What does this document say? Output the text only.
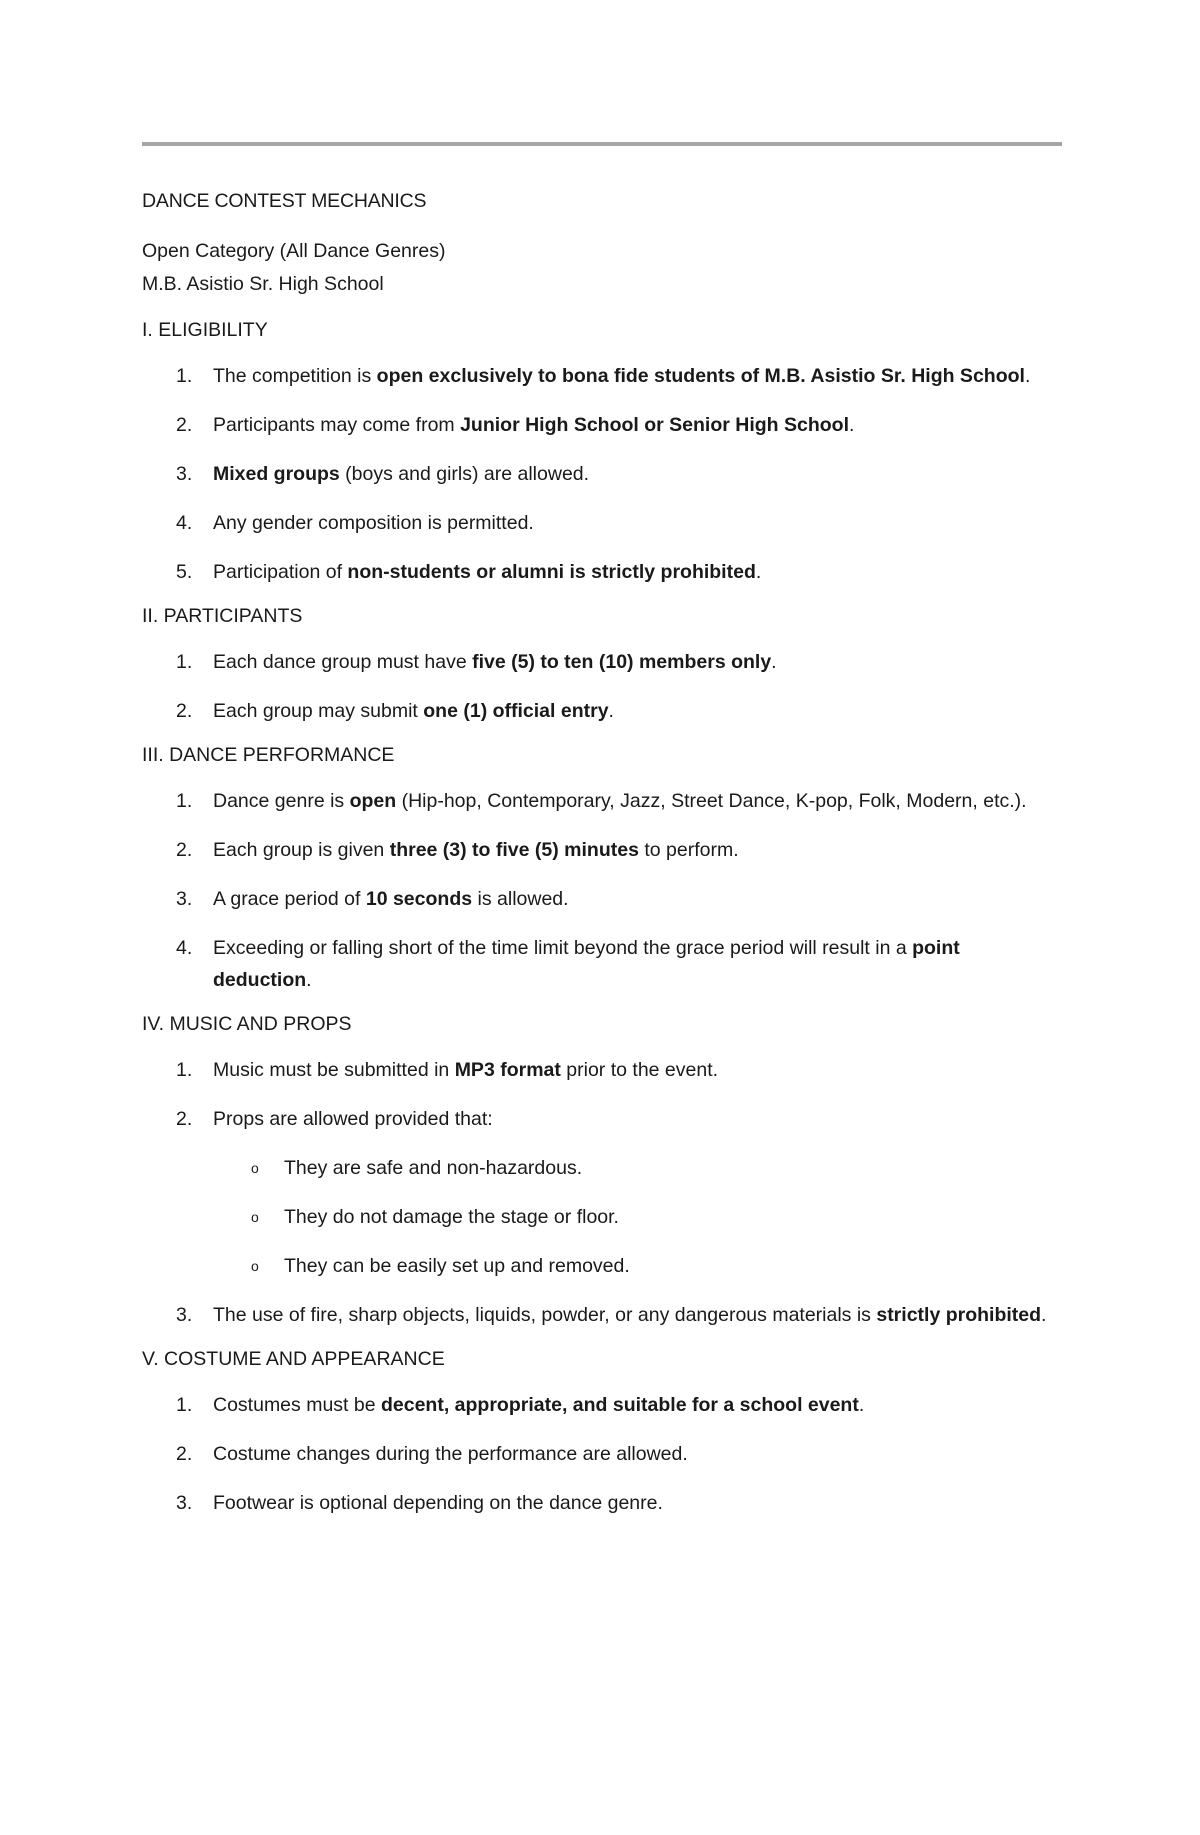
DANCE CONTEST MECHANICS

Open Category (All Dance Genres)

M.B. Asistio Sr. High School

I. ELIGIBILITY

1. The competition is open exclusively to bona fide students of M.B. Asistio Sr. High School.
2. Participants may come from Junior High School or Senior High School.
3. Mixed groups (boys and girls) are allowed.
4. Any gender composition is permitted.
5. Participation of non-students or alumni is strictly prohibited.

II. PARTICIPANTS

1. Each dance group must have five (5) to ten (10) members only.
2. Each group may submit one (1) official entry.

III. DANCE PERFORMANCE

1. Dance genre is open (Hip-hop, Contemporary, Jazz, Street Dance, K-pop, Folk, Modern, etc.).
2. Each group is given three (3) to five (5) minutes to perform.
3. A grace period of 10 seconds is allowed.
4. Exceeding or falling short of the time limit beyond the grace period will result in a point deduction.

IV. MUSIC AND PROPS

1. Music must be submitted in MP3 format prior to the event.
2. Props are allowed provided that:
o They are safe and non-hazardous.
o They do not damage the stage or floor.
o They can be easily set up and removed.
3. The use of fire, sharp objects, liquids, powder, or any dangerous materials is strictly prohibited.

V. COSTUME AND APPEARANCE

1. Costumes must be decent, appropriate, and suitable for a school event.
2. Costume changes during the performance are allowed.
3. Footwear is optional depending on the dance genre.
